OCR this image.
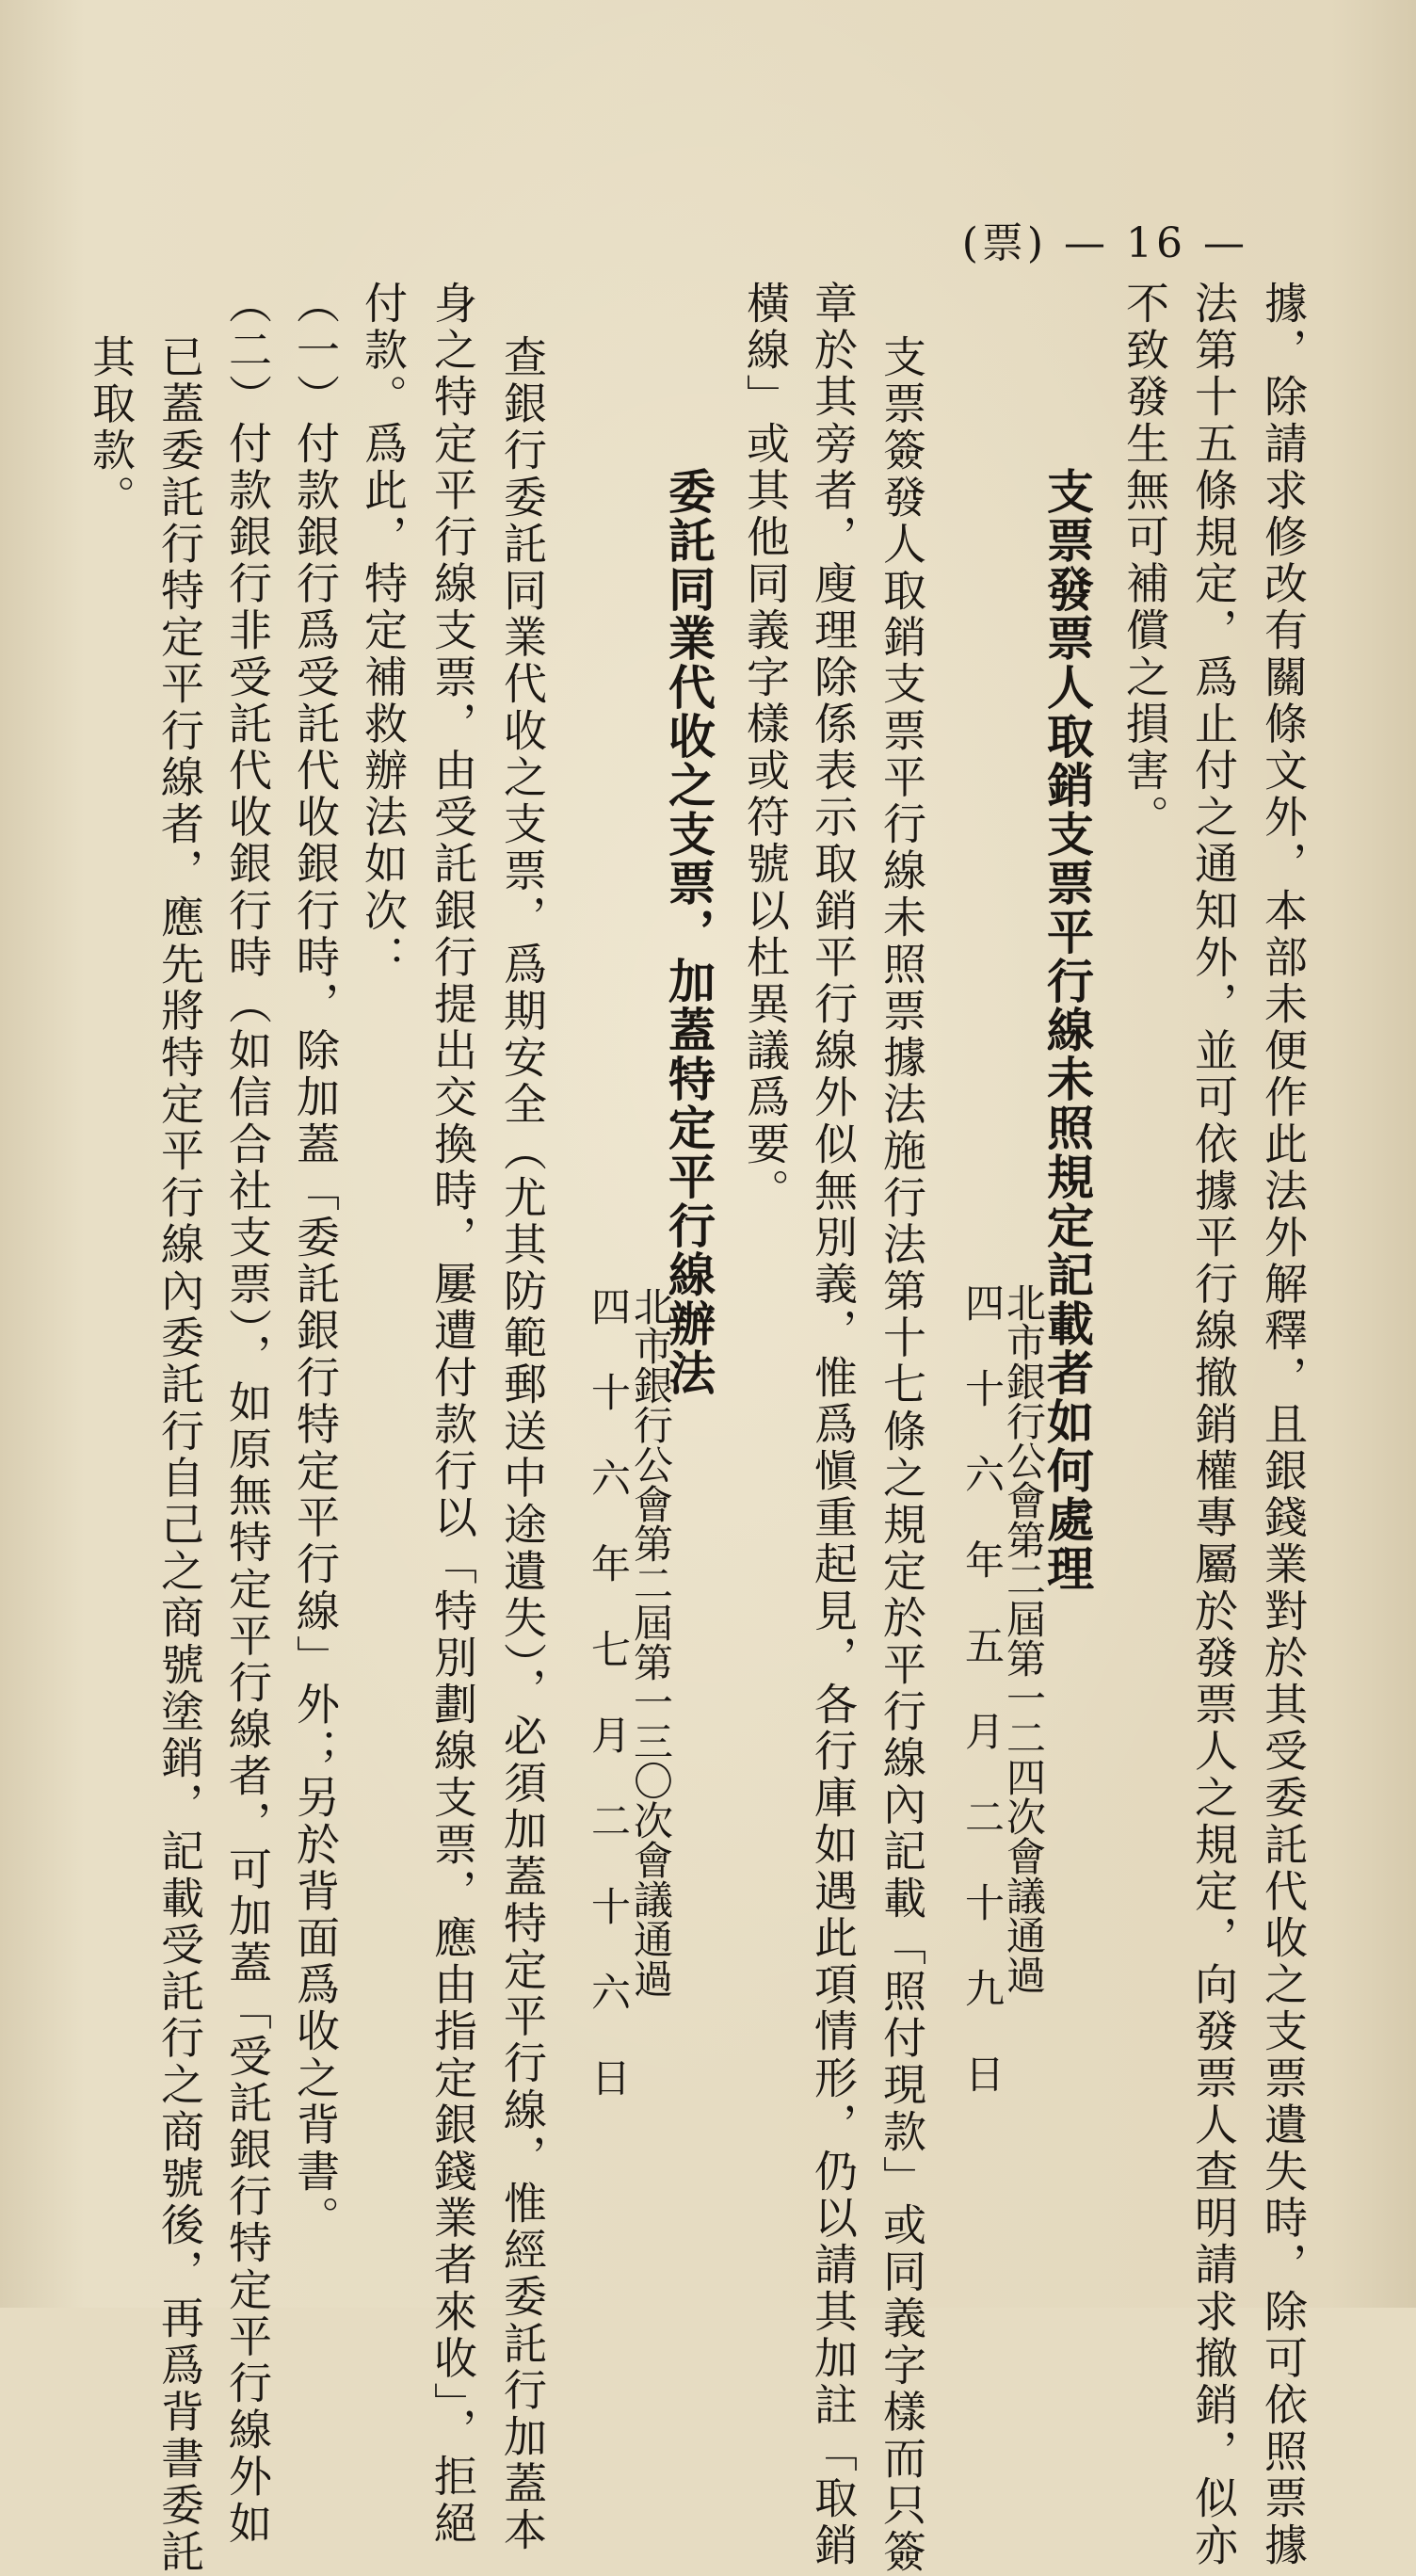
(票) — 16 —
據，除請求修改有關條文外，本部未便作此法外解釋，且銀錢業對於其受委託代收之支票遺失時，除可依照票據
法第十五條規定，爲止付之通知外，並可依據平行線撤銷權專屬於發票人之規定，向發票人查明請求撤銷，似亦
不致發生無可補償之損害。
支票發票人取銷支票平行線未照規定記載者如何處理
北市銀行公會第二屆第一二四次會議通過
四 十 六 年 五 月 二 十 九 日
支票簽發人取銷支票平行線未照票據法施行法第十七條之規定於平行線內記載「照付現款」或同義字樣而只簽
章於其旁者，廋理除係表示取銷平行線外似無別義，惟爲愼重起見，各行庫如遇此項情形，仍以請其加註「取銷
橫線」或其他同義字樣或符號以杜異議爲要。
委託同業代收之支票，加蓋特定平行線辦法
北市銀行公會第二屆第一三〇次會議通過
四 十 六 年 七 月 二 十 六 日
查銀行委託同業代收之支票，爲期安全（尤其防範郵送中途遺失），必須加蓋特定平行線，惟經委託行加蓋本
身之特定平行線支票，由受託銀行提出交換時，屢遭付款行以「特別劃線支票，應由指定銀錢業者來收」，拒絕
付款。爲此，特定補救辦法如次：
（一）付款銀行爲受託代收銀行時，除加蓋「委託銀行特定平行線」外；另於背面爲收之背書。
（二）付款銀行非受託代收銀行時（如信合社支票），如原無特定平行線者，可加蓋「受託銀行特定平行線外如
已蓋委託行特定平行線者，應先將特定平行線內委託行自己之商號塗銷，記載受託行之商號後，再爲背書委託
其取款。
